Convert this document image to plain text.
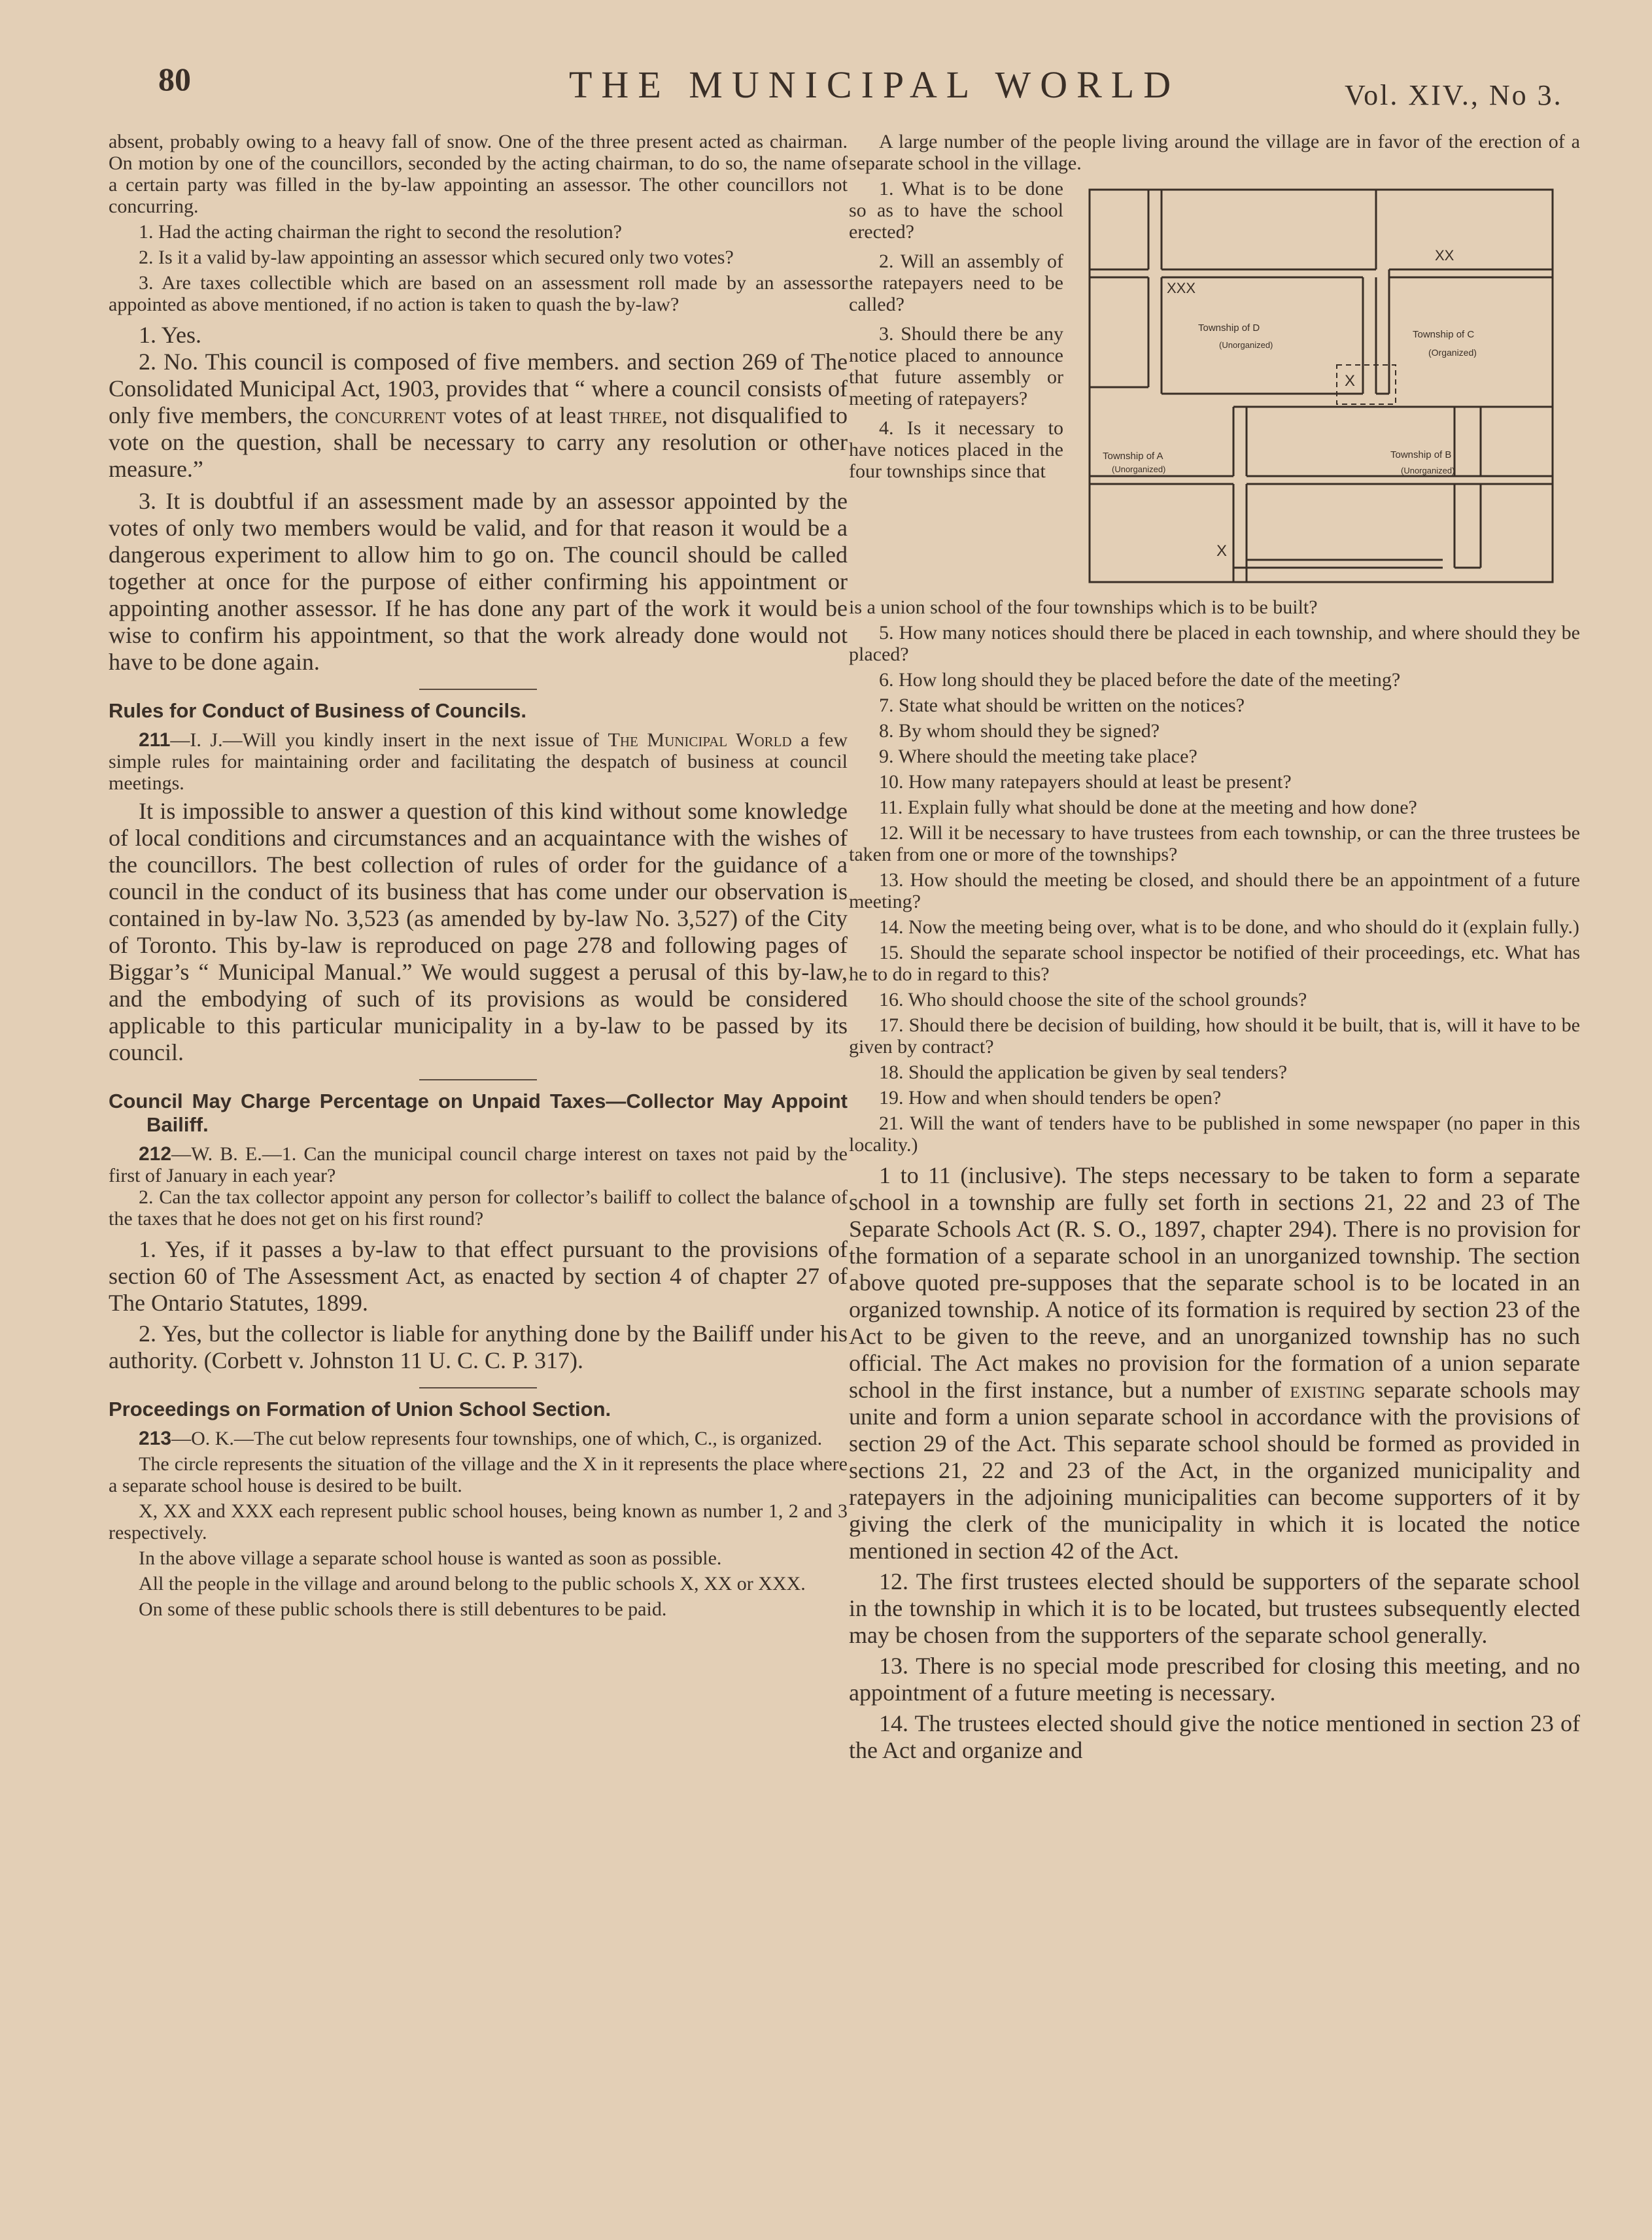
80	THE MUNICIPAL WORLD	Vol. XIV., No 3.

absent, probably owing to a heavy fall of snow. One of the three present acted as chairman. On motion by one of the councillors, seconded by the acting chairman, to do so, the name of a certain party was filled in the by-law appointing an assessor. The other councillors not concurring.

1. Had the acting chairman the right to second the resolution?

2. Is it a valid by-law appointing an assessor which secured only two votes?

3. Are taxes collectible which are based on an assessment roll made by an assessor appointed as above mentioned, if no action is taken to quash the by-law?

1. Yes.

2. No. This council is composed of five members. and section 269 of The Consolidated Municipal Act, 1903, provides that “ where a council consists of only five members, the concurrent votes of at least three, not disqualified to vote on the question, shall be necessary to carry any resolution or other measure.”

3. It is doubtful if an assessment made by an assessor appointed by the votes of only two members would be valid, and for that reason it would be a dangerous experiment to allow him to go on. The council should be called together at once for the purpose of either confirming his appointment or appointing another assessor. If he has done any part of the work it would be wise to confirm his appointment, so that the work already done would not have to be done again.

Rules for Conduct of Business of Councils.

211—I. J.—Will you kindly insert in the next issue of The Municipal World a few simple rules for maintaining order and facilitating the despatch of business at council meetings.

It is impossible to answer a question of this kind without some knowledge of local conditions and circumstances and an acquaintance with the wishes of the councillors. The best collection of rules of order for the guidance of a council in the conduct of its business that has come under our observation is contained in by-law No. 3,523 (as amended by by-law No. 3,527) of the City of Toronto. This by-law is reproduced on page 278 and following pages of Biggar’s “ Municipal Manual.” We would suggest a perusal of this by-law, and the embodying of such of its provisions as would be considered applicable to this particular municipality in a by-law to be passed by its council.

Council May Charge Percentage on Unpaid Taxes—Collector May Appoint Bailiff.

212—W. B. E.—1. Can the municipal council charge interest on taxes not paid by the first of January in each year?

2. Can the tax collector appoint any person for collector’s bailiff to collect the balance of the taxes that he does not get on his first round?

1. Yes, if it passes a by-law to that effect pursuant to the provisions of section 60 of The Assessment Act, as enacted by section 4 of chapter 27 of The Ontario Statutes, 1899.

2. Yes, but the collector is liable for anything done by the Bailiff under his authority. (Corbett v. Johnston 11 U. C. C. P. 317).

Proceedings on Formation of Union School Section.

213—O. K.—The cut below represents four townships, one of which, C., is organized.

The circle represents the situation of the village and the X in it represents the place where a separate school house is desired to be built.

X, XX and XXX each represent public school houses, being known as number 1, 2 and 3 respectively.

In the above village a separate school house is wanted as soon as possible.

All the people in the village and around belong to the public schools X, XX or XXX.

On some of these public schools there is still debentures to be paid.

A large number of the people living around the village are in favor of the erection of a separate school in the village.

1. What is to be done so as to have the school erected?

2. Will an assembly of the ratepayers need to be called?

3. Should there be any notice placed to announce that future assembly or meeting of ratepayers?

4. Is it necessary to have notices placed in the four townships since that

XXX
XX
Township of D
(Unorganized)
Township of C
(Organized)
Township of A
(Unorganized)
Township of B
(Unorganized)
X
X

is a union school of the four townships which is to be built?

5. How many notices should there be placed in each township, and where should they be placed?

6. How long should they be placed before the date of the meeting?

7. State what should be written on the notices?

8. By whom should they be signed?

9. Where should the meeting take place?

10. How many ratepayers should at least be present?

11. Explain fully what should be done at the meeting and how done?

12. Will it be necessary to have trustees from each township, or can the three trustees be taken from one or more of the townships?

13. How should the meeting be closed, and should there be an appointment of a future meeting?

14. Now the meeting being over, what is to be done, and who should do it (explain fully.)

15. Should the separate school inspector be notified of their proceedings, etc. What has he to do in regard to this?

16. Who should choose the site of the school grounds?

17. Should there be decision of building, how should it be built, that is, will it have to be given by contract?

18. Should the application be given by seal tenders?

19. How and when should tenders be open?

21. Will the want of tenders have to be published in some newspaper (no paper in this locality.)

1 to 11 (inclusive). The steps necessary to be taken to form a separate school in a township are fully set forth in sections 21, 22 and 23 of The Separate Schools Act (R. S. O., 1897, chapter 294). There is no provision for the formation of a separate school in an unorganized township. The section above quoted pre-supposes that the separate school is to be located in an organized township. A notice of its formation is required by section 23 of the Act to be given to the reeve, and an unorganized township has no such official. The Act makes no provision for the formation of a union separate school in the first instance, but a number of existing separate schools may unite and form a union separate school in accordance with the provisions of section 29 of the Act. This separate school should be formed as provided in sections 21, 22 and 23 of the Act, in the organized municipality and ratepayers in the adjoining municipalities can become supporters of it by giving the clerk of the municipality in which it is located the notice mentioned in section 42 of the Act.

12. The first trustees elected should be supporters of the separate school in the township in which it is to be located, but trustees subsequently elected may be chosen from the supporters of the separate school generally.

13. There is no special mode prescribed for closing this meeting, and no appointment of a future meeting is necessary.

14. The trustees elected should give the notice mentioned in section 23 of the Act and organize and
